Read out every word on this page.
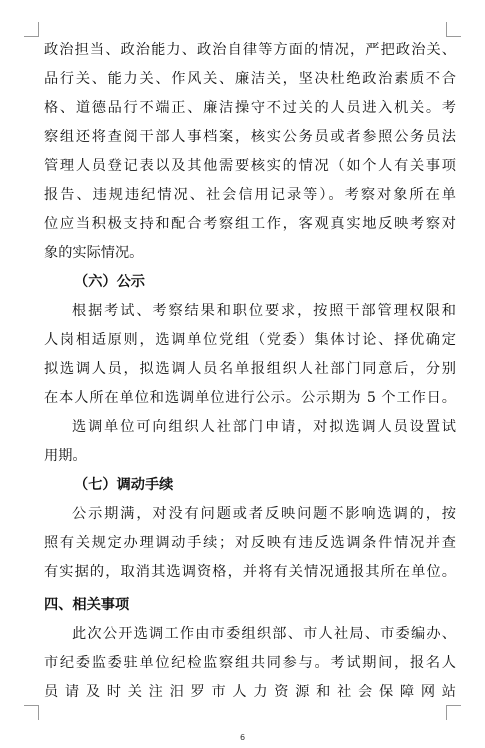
政治担当、政治能力、政治自律等方面的情况，严把政治关、
品行关、能力关、作风关、廉洁关，坚决杜绝政治素质不合
格、道德品行不端正、廉洁操守不过关的人员进入机关。考
察组还将查阅干部人事档案，核实公务员或者参照公务员法
管理人员登记表以及其他需要核实的情况（如个人有关事项
报告、违规违纪情况、社会信用记录等）。考察对象所在单
位应当积极支持和配合考察组工作，客观真实地反映考察对
象的实际情况。
（六）公示
根据考试、考察结果和职位要求，按照干部管理权限和
人岗相适原则，选调单位党组（党委）集体讨论、择优确定
拟选调人员，拟选调人员名单报组织人社部门同意后，分别
在本人所在单位和选调单位进行公示。公示期为 5 个工作日。
选调单位可向组织人社部门申请，对拟选调人员设置试
用期。
（七）调动手续
公示期满，对没有问题或者反映问题不影响选调的，按
照有关规定办理调动手续；对反映有违反选调条件情况并查
有实据的，取消其选调资格，并将有关情况通报其所在单位。
四、相关事项
此次公开选调工作由市委组织部、市人社局、市委编办、
市纪委监委驻单位纪检监察组共同参与。考试期间，报名人
员请及时关注汨罗市人力资源和社会保障网站
6
